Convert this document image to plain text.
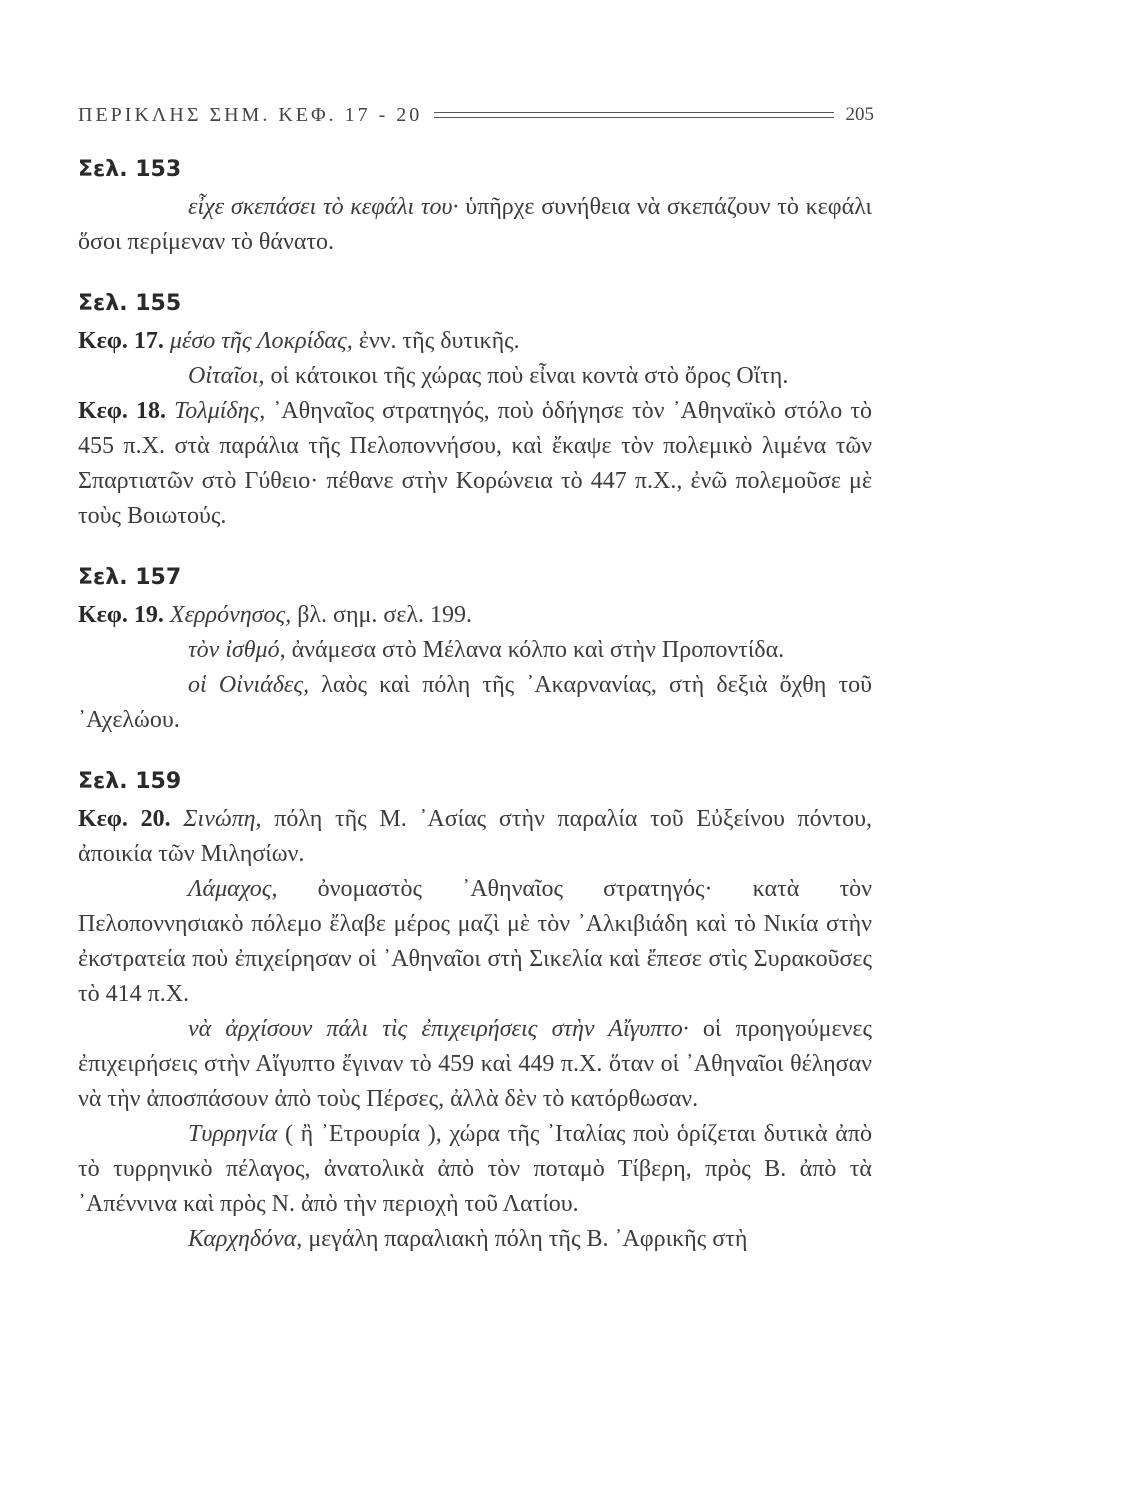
ΠΕΡΙΚΛΗΣ ΣΗΜ. ΚΕΦ. 17 - 20	205

Σελ. 153

εἶχε σκεπάσει τὸ κεφάλι του· ὑπῆρχε συνήθεια νὰ σκεπάζουν τὸ κεφάλι ὅσοι περίμεναν τὸ θάνατο.

Σελ. 155

Κεφ. 17. μέσο τῆς Λοκρίδας, ἐνν. τῆς δυτικῆς.

Οἰταῖοι, οἱ κάτοικοι τῆς χώρας ποὺ εἶναι κοντὰ στὸ ὄρος Οἴτη.

Κεφ. 18. Τολμίδης, ᾿Αθηναῖος στρατηγός, ποὺ ὁδήγησε τὸν ᾿Αθηναϊκὸ στόλο τὸ 455 π.Χ. στὰ παράλια τῆς Πελοποννήσου, καὶ ἔκαψε τὸν πολεμικὸ λιμένα τῶν Σπαρτιατῶν στὸ Γύθειο· πέθανε στὴν Κορώνεια τὸ 447 π.Χ., ἐνῶ πολεμοῦσε μὲ τοὺς Βοιωτούς.

Σελ. 157

Κεφ. 19. Χερρόνησος, βλ. σημ. σελ. 199.

τὸν ἰσθμό, ἀνάμεσα στὸ Μέλανα κόλπο καὶ στὴν Προποντίδα.

οἱ Οἰνιάδες, λαὸς καὶ πόλη τῆς ᾿Ακαρνανίας, στὴ δεξιὰ ὄχθη τοῦ ᾿Αχελώου.

Σελ. 159

Κεφ. 20. Σινώπη, πόλη τῆς Μ. ᾿Ασίας στὴν παραλία τοῦ Εὐξείνου πόντου, ἀποικία τῶν Μιλησίων.

Λάμαχος, ὀνομαστὸς ᾿Αθηναῖος στρατηγός· κατὰ τὸν Πελοποννησιακὸ πόλεμο ἔλαβε μέρος μαζὶ μὲ τὸν ᾿Αλκιβιάδη καὶ τὸ Νικία στὴν ἐκστρατεία ποὺ ἐπιχείρησαν οἱ ᾿Αθηναῖοι στὴ Σικελία καὶ ἔπεσε στὶς Συρακοῦσες τὸ 414 π.Χ.

νὰ ἀρχίσουν πάλι τὶς ἐπιχειρήσεις στὴν Αἴγυπτο· οἱ προηγούμενες ἐπιχειρήσεις στὴν Αἴγυπτο ἔγιναν τὸ 459 καὶ 449 π.Χ. ὅταν οἱ ᾿Αθηναῖοι θέλησαν νὰ τὴν ἀποσπάσουν ἀπὸ τοὺς Πέρσες, ἀλλὰ δὲν τὸ κατόρθωσαν.

Τυρρηνία ( ἢ ᾿Ετρουρία ), χώρα τῆς ᾿Ιταλίας ποὺ ὁρίζεται δυτικὰ ἀπὸ τὸ τυρρηνικὸ πέλαγος, ἀνατολικὰ ἀπὸ τὸν ποταμὸ Τίβερη, πρὸς Β. ἀπὸ τὰ ᾿Απέννινα καὶ πρὸς Ν. ἀπὸ τὴν περιοχὴ τοῦ Λατίου.

Καρχηδόνα, μεγάλη παραλιακὴ πόλη τῆς Β. ᾿Αφρικῆς στὴ
